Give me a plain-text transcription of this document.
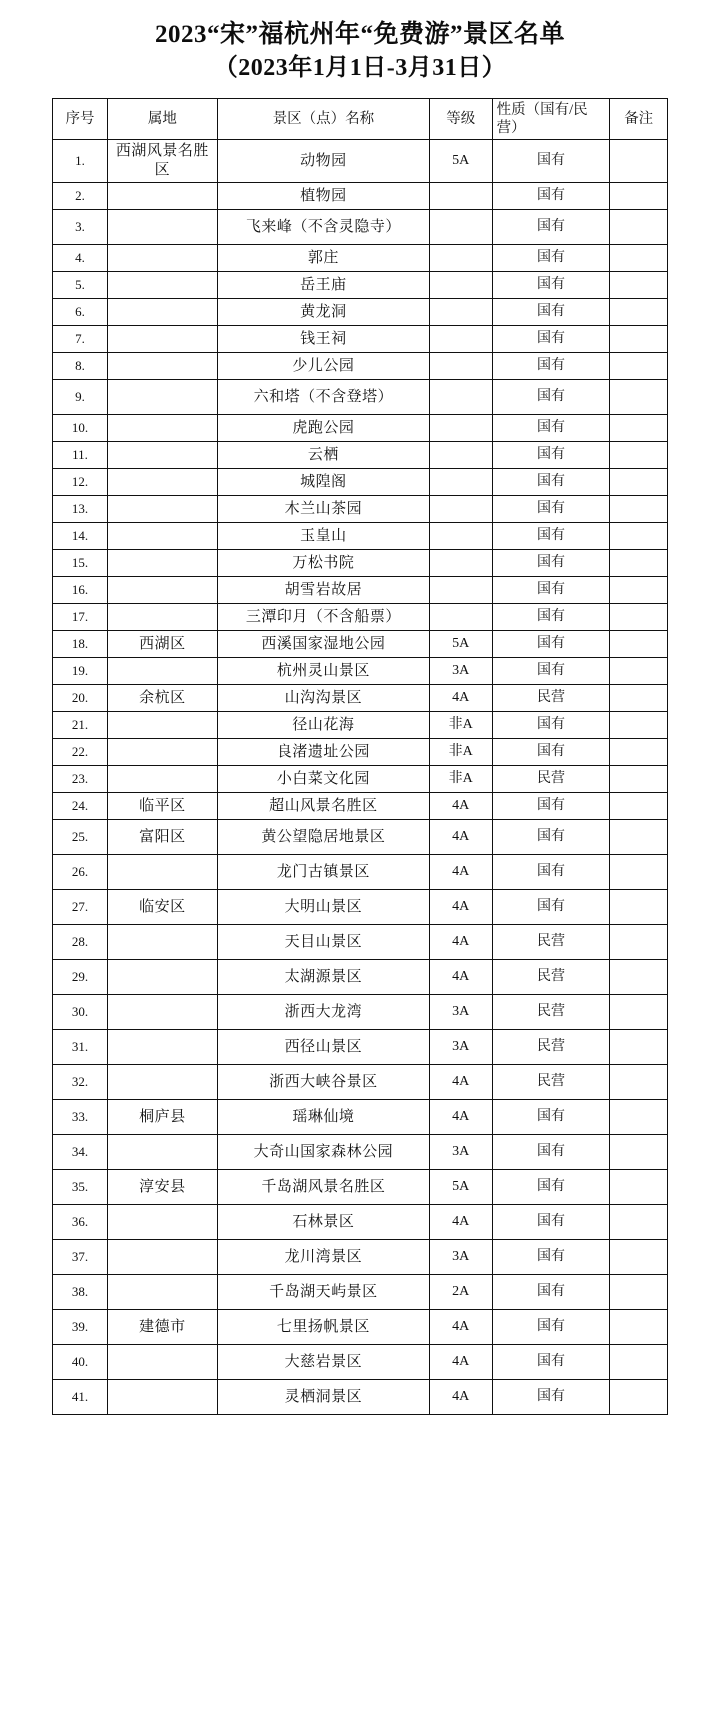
2023“宋”福杭州年“免费游”景区名单
（2023年1月1日-3月31日）
序号	属地	景区（点）名称	等级	性质（国有/民营）	备注
1.	西湖风景名胜区	动物园	5A	国有	
2.		植物园		国有	
3.		飞来峰（不含灵隐寺）		国有	
4.		郭庄		国有	
5.		岳王庙		国有	
6.		黄龙洞		国有	
7.		钱王祠		国有	
8.		少儿公园		国有	
9.		六和塔（不含登塔）		国有	
10.		虎跑公园		国有	
11.		云栖		国有	
12.		城隍阁		国有	
13.		木兰山茶园		国有	
14.		玉皇山		国有	
15.		万松书院		国有	
16.		胡雪岩故居		国有	
17.		三潭印月（不含船票）		国有	
18.	西湖区	西溪国家湿地公园	5A	国有	
19.		杭州灵山景区	3A	国有	
20.	余杭区	山沟沟景区	4A	民营	
21.		径山花海	非A	国有	
22.		良渚遗址公园	非A	国有	
23.		小白菜文化园	非A	民营	
24.	临平区	超山风景名胜区	4A	国有	
25.	富阳区	黄公望隐居地景区	4A	国有	
26.		龙门古镇景区	4A	国有	
27.	临安区	大明山景区	4A	国有	
28.		天目山景区	4A	民营	
29.		太湖源景区	4A	民营	
30.		浙西大龙湾	3A	民营	
31.		西径山景区	3A	民营	
32.		浙西大峡谷景区	4A	民营	
33.	桐庐县	瑶琳仙境	4A	国有	
34.		大奇山国家森林公园	3A	国有	
35.	淳安县	千岛湖风景名胜区	5A	国有	
36.		石林景区	4A	国有	
37.		龙川湾景区	3A	国有	
38.		千岛湖天屿景区	2A	国有	
39.	建德市	七里扬帆景区	4A	国有	
40.		大慈岩景区	4A	国有	
41.		灵栖洞景区	4A	国有	
